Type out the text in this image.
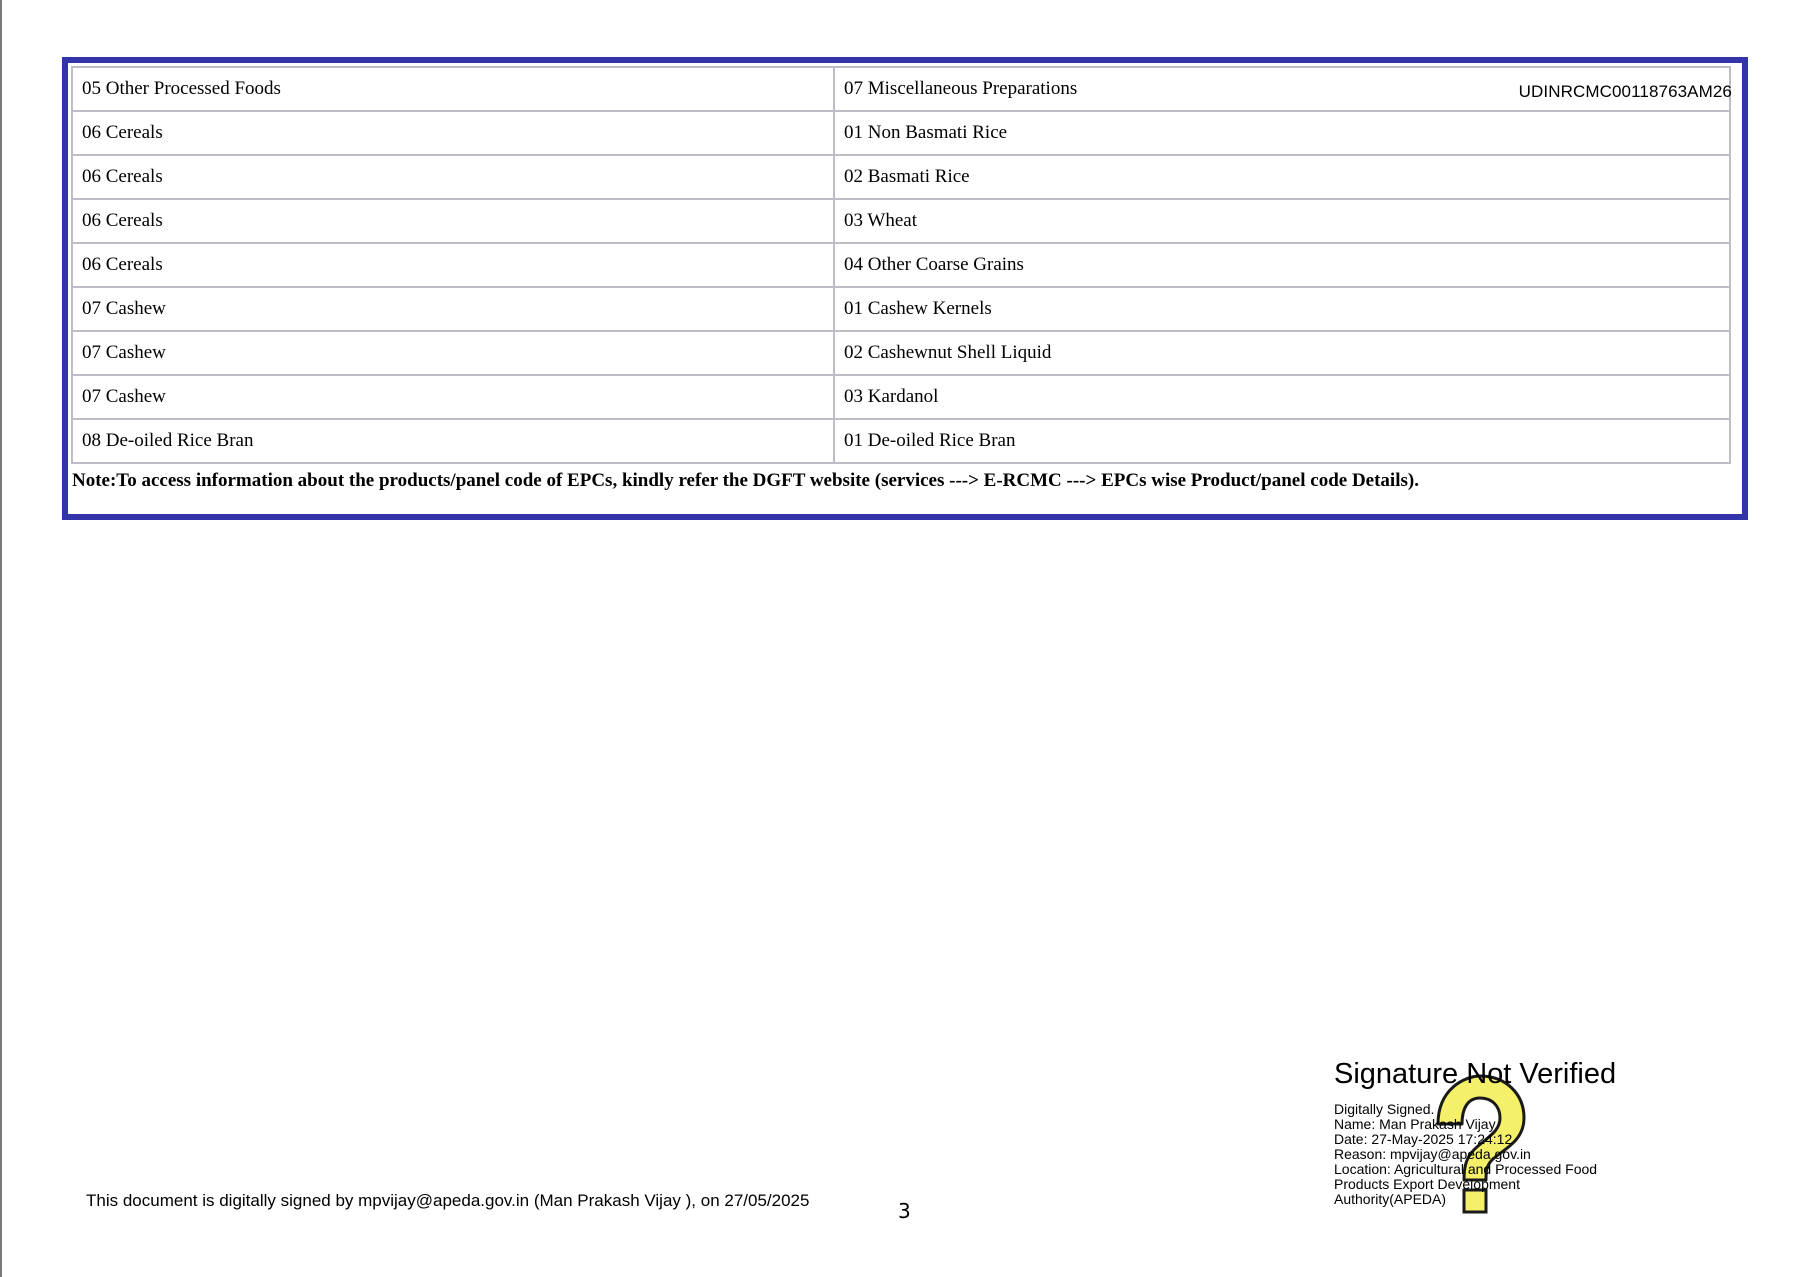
UDINRCMC00118763AM26
05 Other Processed Foods	07 Miscellaneous Preparations
06 Cereals	01 Non Basmati Rice
06 Cereals	02 Basmati Rice
06 Cereals	03 Wheat
06 Cereals	04 Other Coarse Grains
07 Cashew	01 Cashew Kernels
07 Cashew	02 Cashewnut Shell Liquid
07 Cashew	03 Kardanol
08 De-oiled Rice Bran	01 De-oiled Rice Bran
Note:To access information about the products/panel code of EPCs, kindly refer the DGFT website (services ---> E-RCMC ---> EPCs wise Product/panel code Details).
This document is digitally signed by mpvijay@apeda.gov.in (Man Prakash Vijay ), on 27/05/2025	3
Signature Not Verified
Digitally Signed.
Name: Man Prakash Vijay
Date: 27-May-2025 17:24:12
Reason: mpvijay@apeda.gov.in
Location: Agricultural and Processed Food
Products Export Development
Authority(APEDA)
